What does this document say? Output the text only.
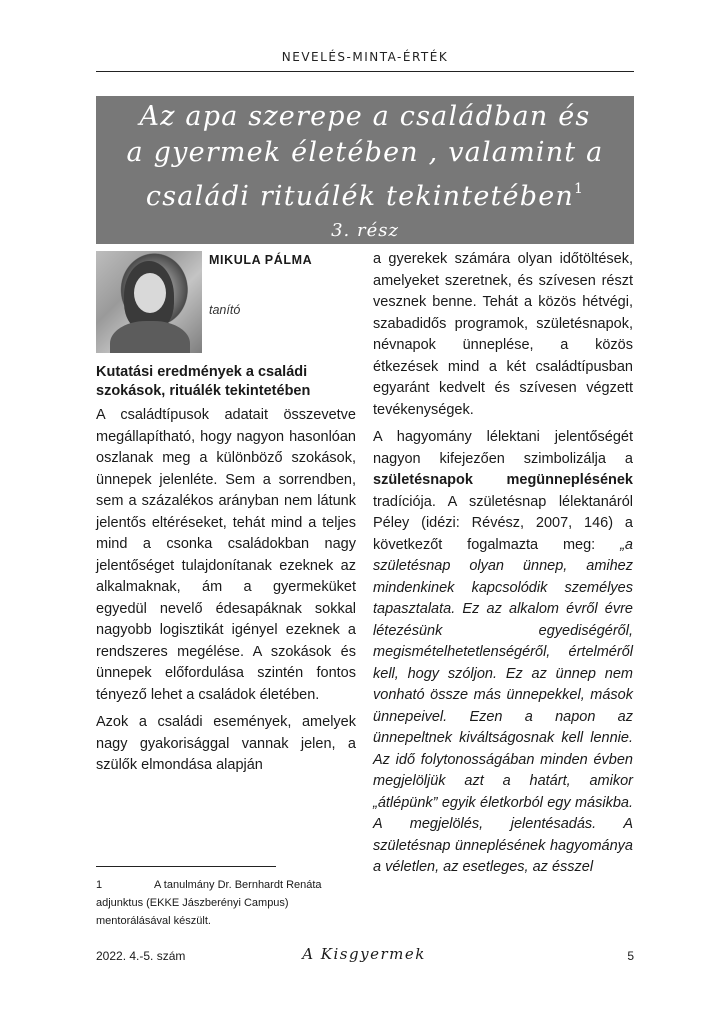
NEVELÉS-MINTA-ÉRTÉK
Az apa szerepe a családban és
a gyermek életében , valamint a
családi rituálék tekintetében$^1$
3. rész
MIKULA PÁLMA
tanító
Kutatási eredmények a családi szokások, rituálék tekintetében

A családtípusok adatait összevetve megállapítható, hogy nagyon hasonlóan oszlanak meg a különböző szokások, ünnepek jelenléte. Sem a sorrendben, sem a százalékos arányban nem látunk jelentős eltéréseket, tehát mind a teljes mind a csonka családokban nagy jelentőséget tulajdonítanak ezeknek az alkalmaknak, ám a gyermeküket egyedül nevelő édesapáknak sokkal nagyobb logisztikát igényel ezeknek a rendszeres megélése. A szokások és ünnepek előfordulása szintén fontos tényező lehet a családok életében.

Azok a családi események, amelyek nagy gyakorisággal vannak jelen, a szülők elmondása alapján

a gyerekek számára olyan időtöltések, amelyeket szeretnek, és szívesen részt vesznek benne. Tehát a közös hétvégi, szabadidős programok, születésnapok, névnapok ünneplése, a közös étkezések mind a két családtípusban egyaránt kedvelt és szívesen végzett tevékenységek.

A hagyomány lélektani jelentőségét nagyon kifejezően szimbolizálja a születésnapok megünneplésének tradíciója. A születésnap lélektanáról Péley (idézi: Révész, 2007, 146) a következőt fogalmazta meg: „a születésnap olyan ünnep, amihez mindenkinek kapcsolódik személyes tapasztalata. Ez az alkalom évről évre létezésünk egyediségéről, megismételhetetlenségéről, értelméről kell, hogy szóljon. Ez az ünnep nem vonható össze más ünnepekkel, mások ünnepeivel. Ezen a napon az ünnepeltnek kiváltságosnak kell lennie. Az idő folytonosságában minden évben megjelöljük azt a határt, amikor „átlépünk” egyik életkorból egy másikba. A megjelölés, jelentésadás. A születésnap ünneplésének hagyománya a véletlen, az esetleges, az ésszel

1	A tanulmány Dr. Bernhardt Renáta adjunktus (EKKE Jászberényi Campus) mentorálásával készült.
2022. 4.-5. szám	A Kisgyermek	5
